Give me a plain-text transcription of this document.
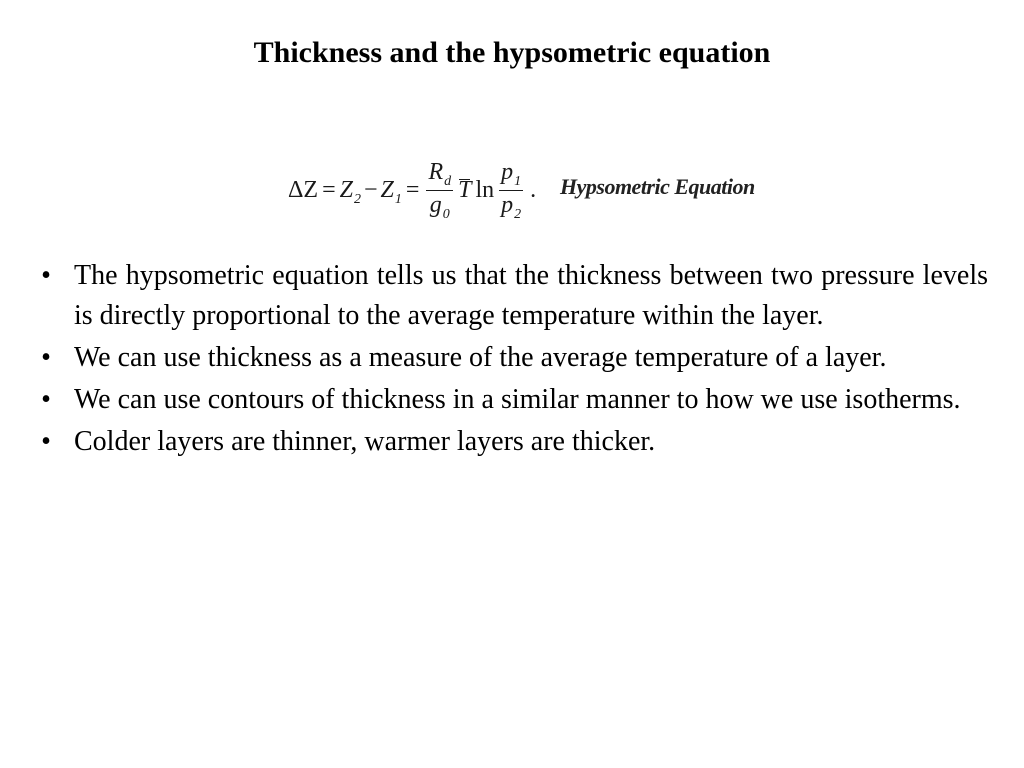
Thickness and the hypsometric equation
$\Delta Z = Z_2 - Z_1 = \frac{R_d}{g_0}$ T $\ln \frac{p_1}{p_2}$ . Hypsometric Equation
• The hypsometric equation tells us that the thickness between two pressure levels is directly proportional to the average temperature within the layer.
• We can use thickness as a measure of the average temperature of a layer.
• We can use contours of thickness in a similar manner to how we use isotherms.
• Colder layers are thinner, warmer layers are thicker.
